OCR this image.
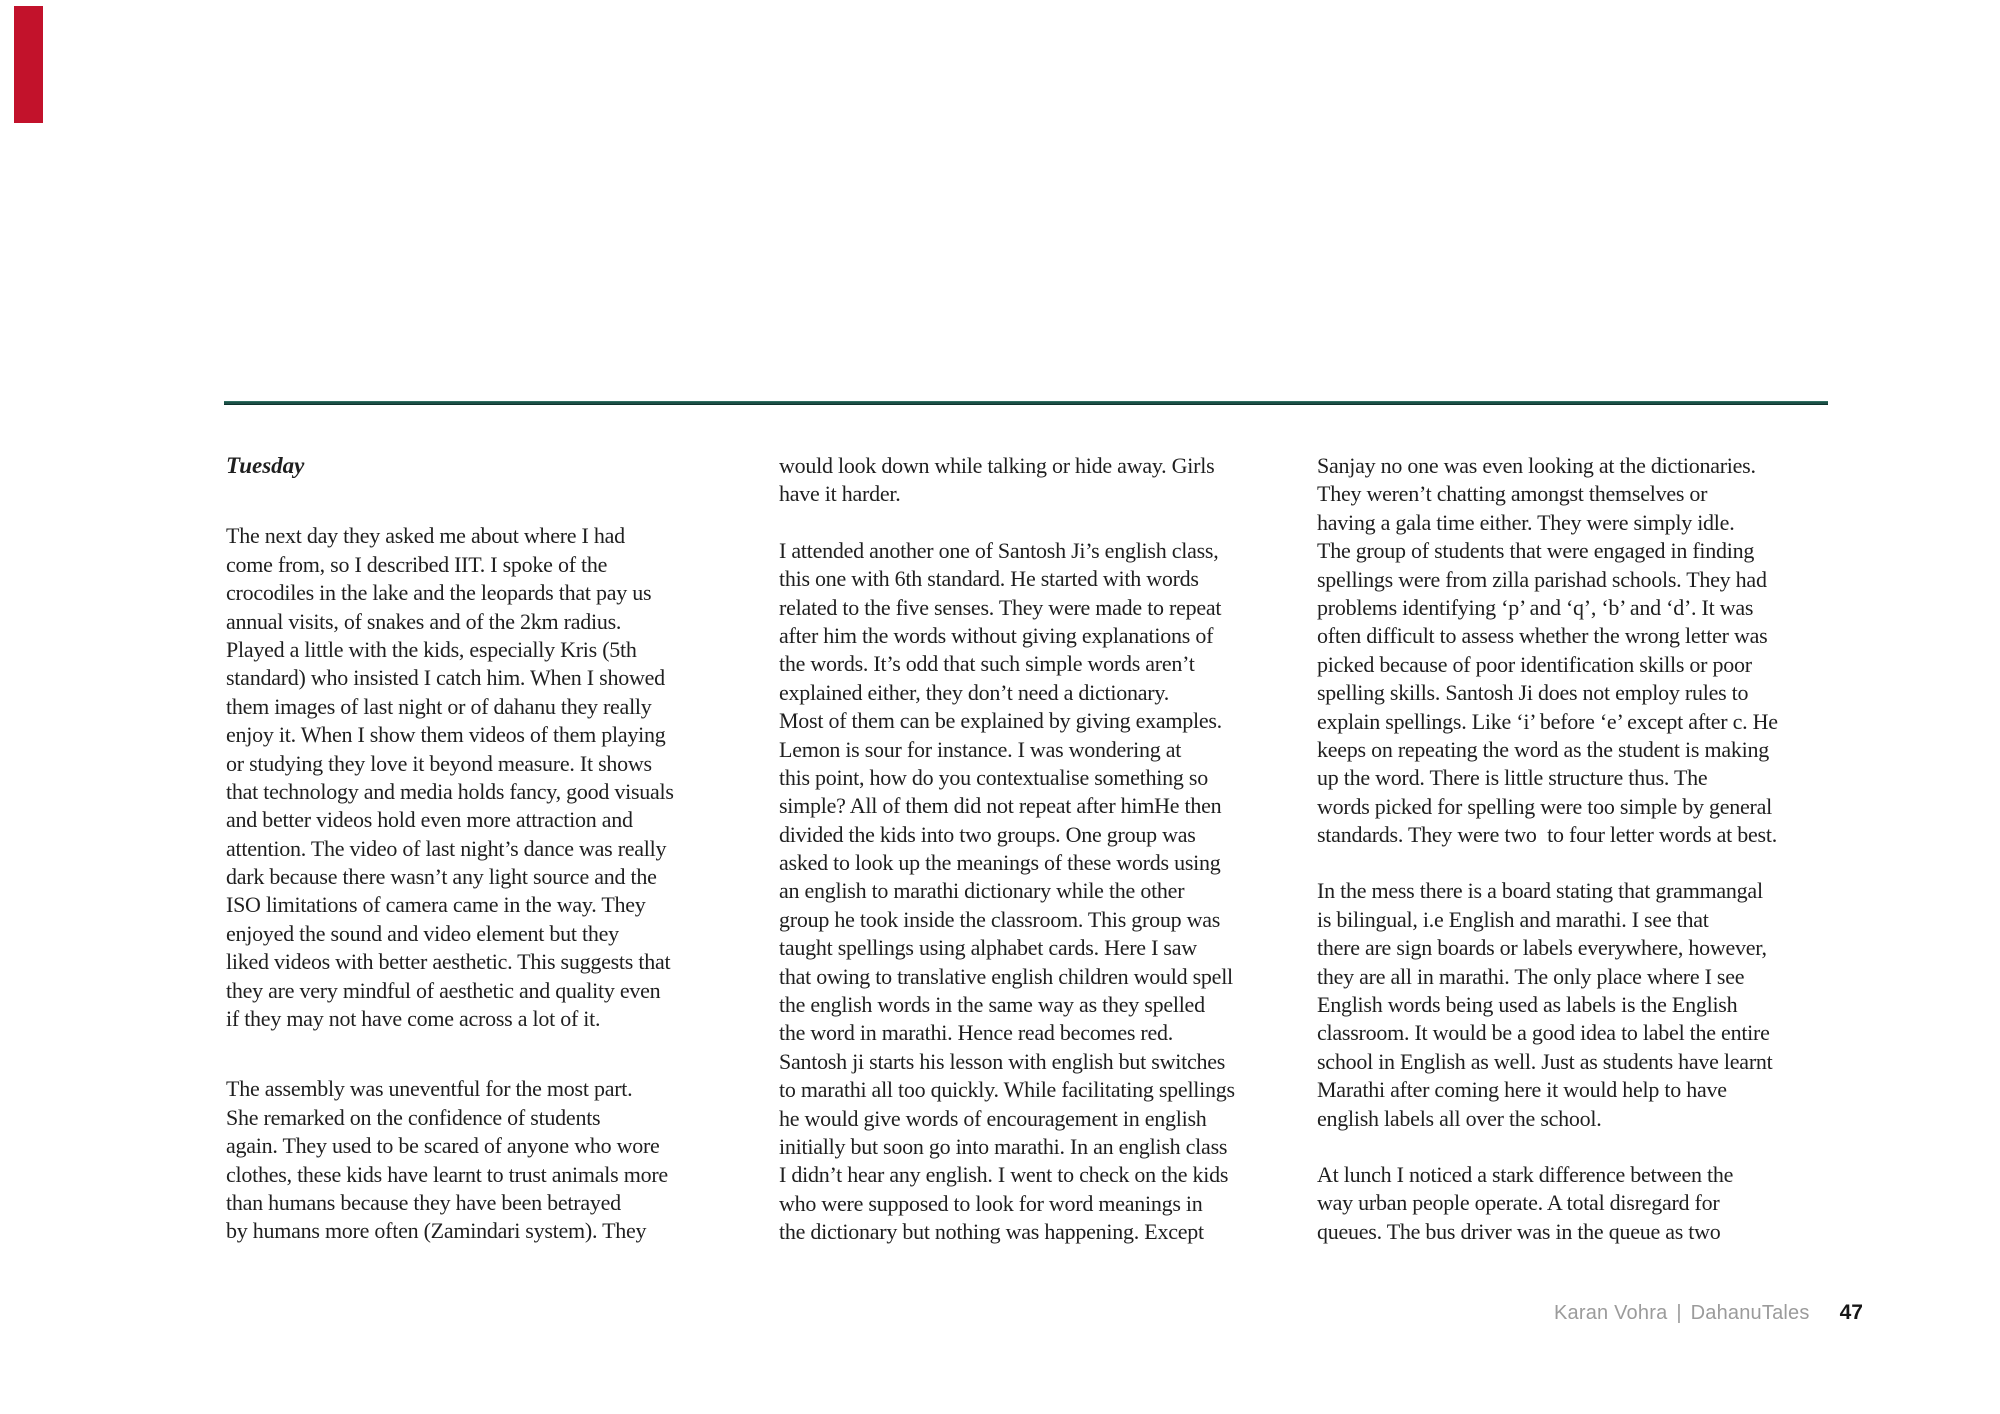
Tuesday
The next day they asked me about where I had
come from, so I described IIT. I spoke of the
crocodiles in the lake and the leopards that pay us
annual visits, of snakes and of the 2km radius.
Played a little with the kids, especially Kris (5th
standard) who insisted I catch him. When I showed
them images of last night or of dahanu they really
enjoy it. When I show them videos of them playing
or studying they love it beyond measure. It shows
that technology and media holds fancy, good visuals
and better videos hold even more attraction and
attention. The video of last night’s dance was really
dark because there wasn’t any light source and the
ISO limitations of camera came in the way. They
enjoyed the sound and video element but they
liked videos with better aesthetic. This suggests that
they are very mindful of aesthetic and quality even
if they may not have come across a lot of it.
The assembly was uneventful for the most part.
She remarked on the confidence of students
again. They used to be scared of anyone who wore
clothes, these kids have learnt to trust animals more
than humans because they have been betrayed
by humans more often (Zamindari system). They
would look down while talking or hide away. Girls
have it harder.
I attended another one of Santosh Ji’s english class,
this one with 6th standard. He started with words
related to the five senses. They were made to repeat
after him the words without giving explanations of
the words. It’s odd that such simple words aren’t
explained either, they don’t need a dictionary.
Most of them can be explained by giving examples.
Lemon is sour for instance. I was wondering at
this point, how do you contextualise something so
simple? All of them did not repeat after himHe then
divided the kids into two groups. One group was
asked to look up the meanings of these words using
an english to marathi dictionary while the other
group he took inside the classroom. This group was
taught spellings using alphabet cards. Here I saw
that owing to translative english children would spell
the english words in the same way as they spelled
the word in marathi. Hence read becomes red.
Santosh ji starts his lesson with english but switches
to marathi all too quickly. While facilitating spellings
he would give words of encouragement in english
initially but soon go into marathi. In an english class
I didn’t hear any english. I went to check on the kids
who were supposed to look for word meanings in
the dictionary but nothing was happening. Except
Sanjay no one was even looking at the dictionaries.
They weren’t chatting amongst themselves or
having a gala time either. They were simply idle.
The group of students that were engaged in finding
spellings were from zilla parishad schools. They had
problems identifying ‘p’ and ‘q’, ‘b’ and ‘d’. It was
often difficult to assess whether the wrong letter was
picked because of poor identification skills or poor
spelling skills. Santosh Ji does not employ rules to
explain spellings. Like ‘i’ before ‘e’ except after c. He
keeps on repeating the word as the student is making
up the word. There is little structure thus. The
words picked for spelling were too simple by general
standards. They were two  to four letter words at best.
In the mess there is a board stating that grammangal
is bilingual, i.e English and marathi. I see that
there are sign boards or labels everywhere, however,
they are all in marathi. The only place where I see
English words being used as labels is the English
classroom. It would be a good idea to label the entire
school in English as well. Just as students have learnt
Marathi after coming here it would help to have
english labels all over the school.
At lunch I noticed a stark difference between the
way urban people operate. A total disregard for
queues. The bus driver was in the queue as two
Karan Vohra | DahanuTales 47
